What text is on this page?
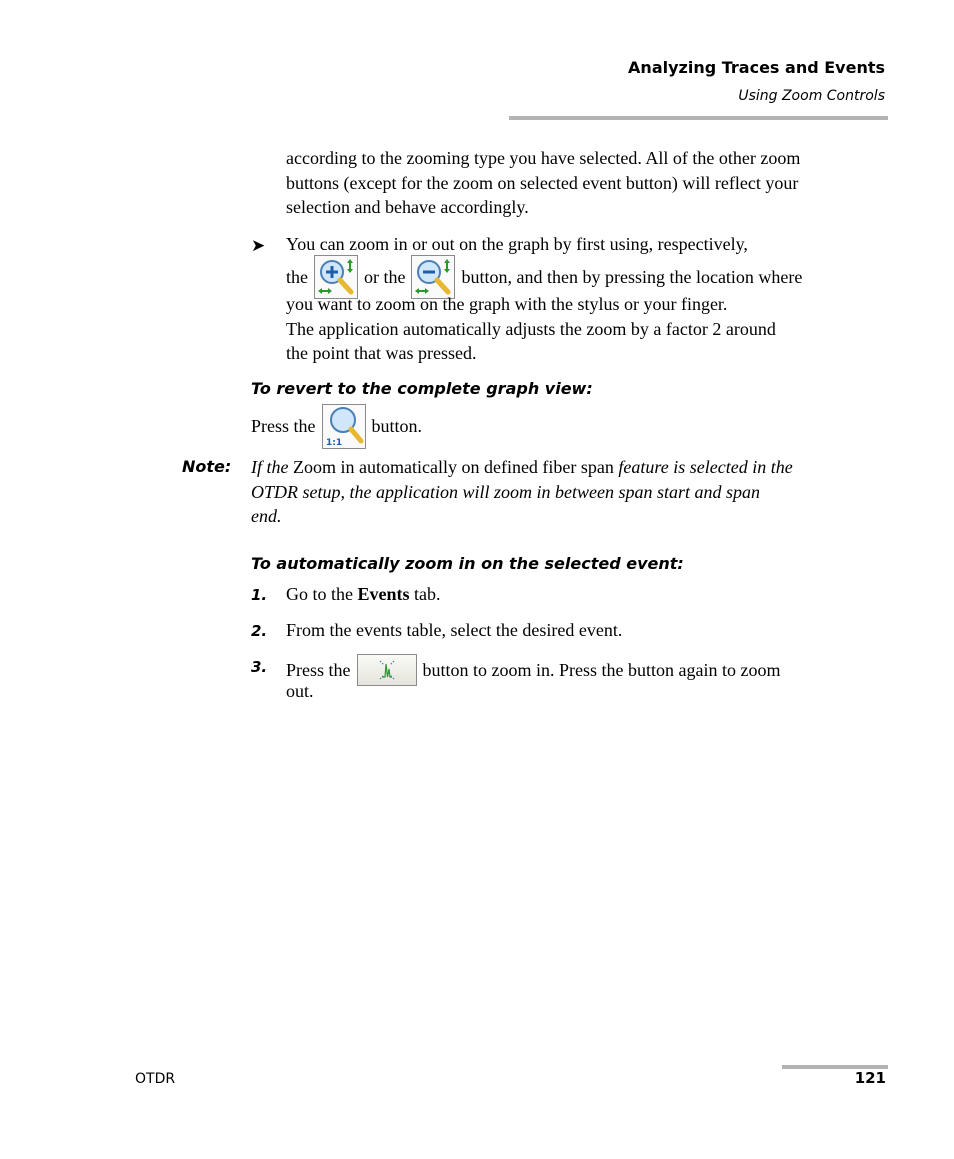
Analyzing Traces and Events
Using Zoom Controls
according to the zooming type you have selected. All of the other zoom
buttons (except for the zoom on selected event button) will reflect your
selection and behave accordingly.
➤ You can zoom in or out on the graph by first using, respectively,
the	or the	button, and then by pressing the location where
you want to zoom on the graph with the stylus or your finger.
The application automatically adjusts the zoom by a factor 2 around
the point that was pressed.
To revert to the complete graph view:
Press the
1:1
button.
Note: If the Zoom in automatically on defined fiber span feature is selected in the
OTDR setup, the application will zoom in between span start and span
end.
To automatically zoom in on the selected event:
1. Go to the Events tab.
2. From the events table, select the desired event.
3. Press the	button to zoom in. Press the button again to zoom
out.
OTDR	121
